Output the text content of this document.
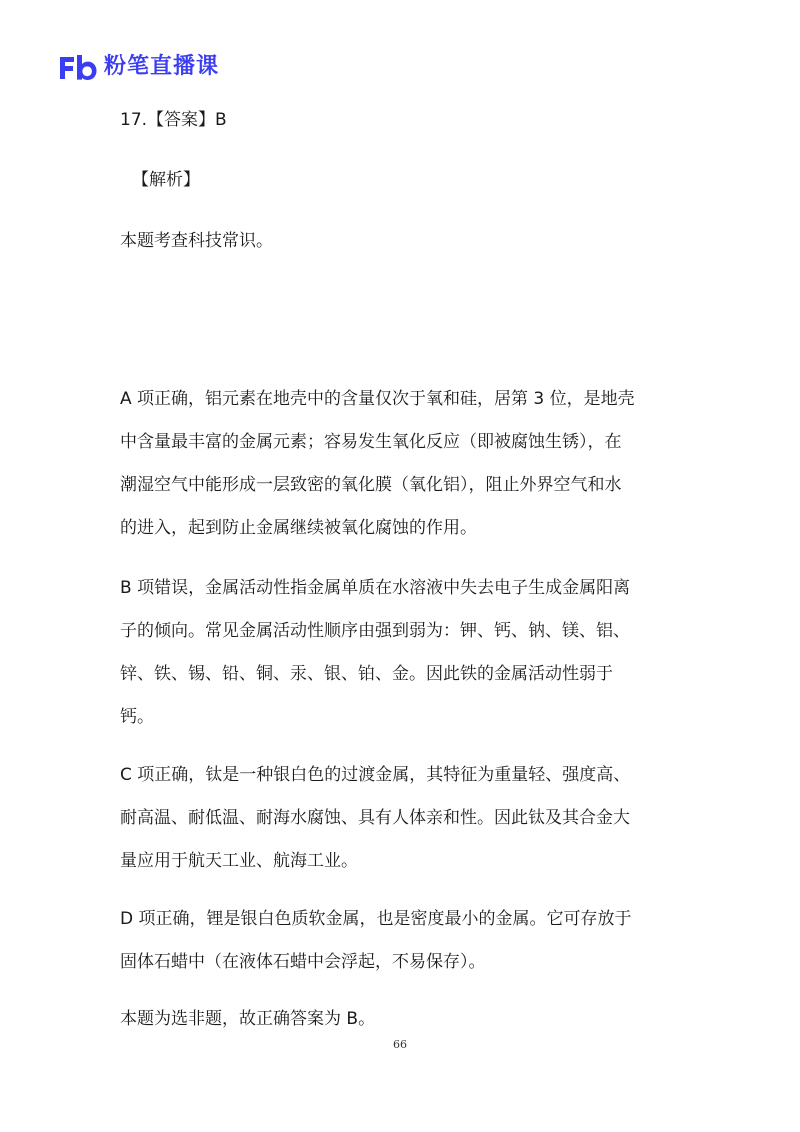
粉笔直播课
17.【答案】B
【解析】
本题考查科技常识。
A 项正确，铝元素在地壳中的含量仅次于氧和硅，居第 3 位，是地壳
中含量最丰富的金属元素；容易发生氧化反应（即被腐蚀生锈），在
潮湿空气中能形成一层致密的氧化膜（氧化铝），阻止外界空气和水
的进入，起到防止金属继续被氧化腐蚀的作用。
B 项错误，金属活动性指金属单质在水溶液中失去电子生成金属阳离
子的倾向。常见金属活动性顺序由强到弱为：钾、钙、钠、镁、铝、
锌、铁、锡、铅、铜、汞、银、铂、金。因此铁的金属活动性弱于
钙。
C 项正确，钛是一种银白色的过渡金属，其特征为重量轻、强度高、
耐高温、耐低温、耐海水腐蚀、具有人体亲和性。因此钛及其合金大
量应用于航天工业、航海工业。
D 项正确，锂是银白色质软金属，也是密度最小的金属。它可存放于
固体石蜡中（在液体石蜡中会浮起，不易保存）。
本题为选非题，故正确答案为 B。
66
